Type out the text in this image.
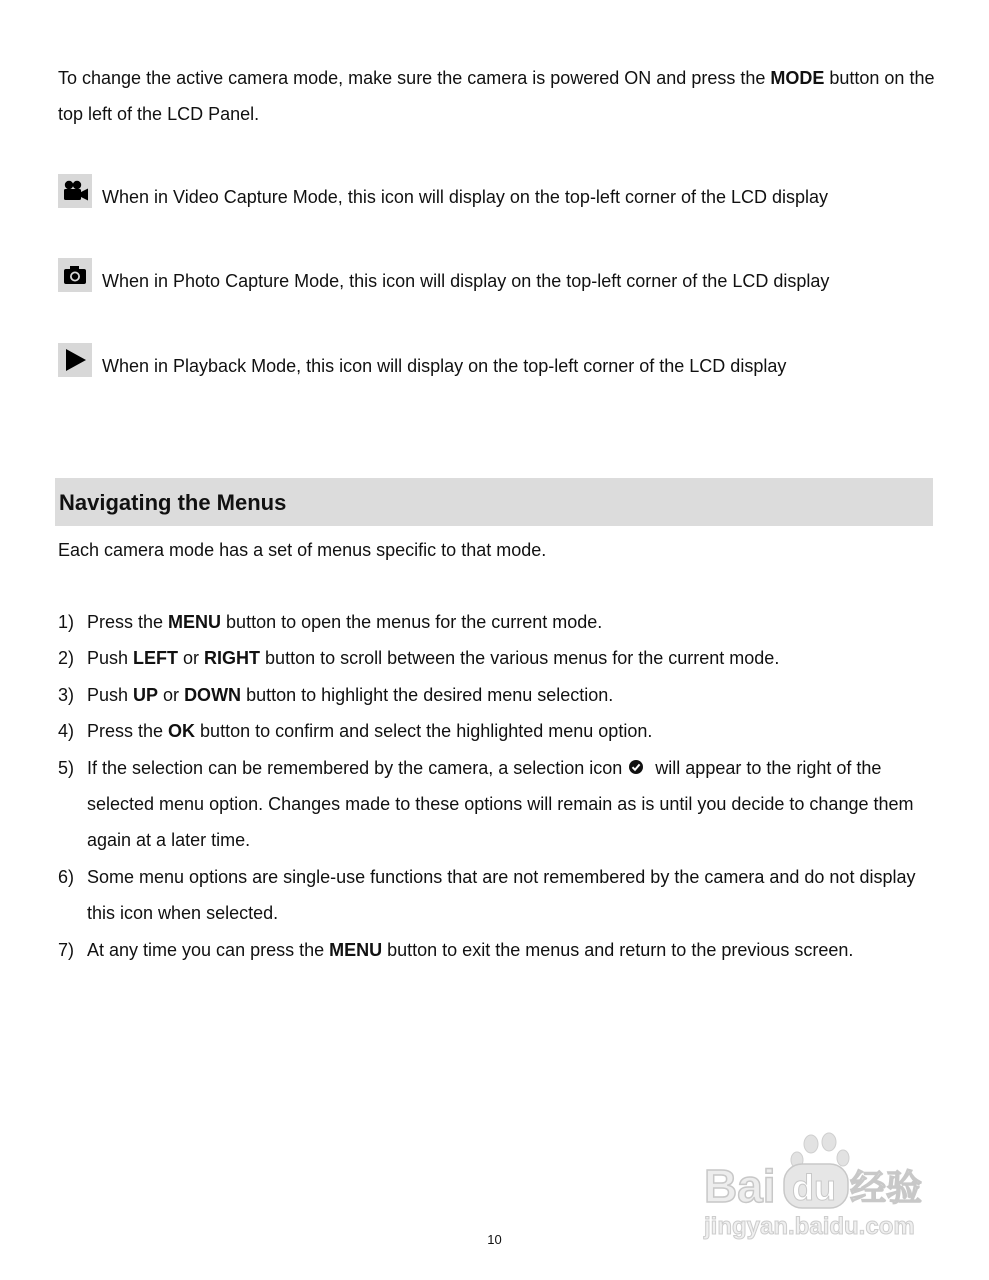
To change the active camera mode, make sure the camera is powered ON and press the MODE button on the top left of the LCD Panel.

When in Video Capture Mode, this icon will display on the top-left corner of the LCD display
When in Photo Capture Mode, this icon will display on the top-left corner of the LCD display
When in Playback Mode, this icon will display on the top-left corner of the LCD display
Navigating the Menus

Each camera mode has a set of menus specific to that mode.

1) Press the MENU button to open the menus for the current mode.
2) Push LEFT or RIGHT button to scroll between the various menus for the current mode.
3) Push UP or DOWN button to highlight the desired menu selection.
4) Press the OK button to confirm and select the highlighted menu option.
5) If the selection can be remembered by the camera, a selection icon will appear to the right of the selected menu option. Changes made to these options will remain as is until you decide to change them again at a later time.
6) Some menu options are single-use functions that are not remembered by the camera and do not display this icon when selected.
7) At any time you can press the MENU button to exit the menus and return to the previous screen.
Bai du 经验
jingyan.baidu.com
10
